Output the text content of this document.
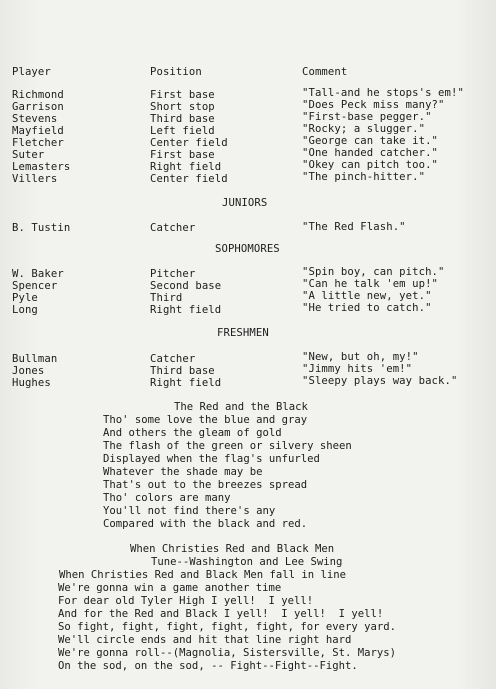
Player	Position	Comment
Richmond	First base	"Tall-and he stops's em!"
Garrison	Short stop	"Does Peck miss many?"
Stevens	Third base	"First-base pegger."
Mayfield	Left field	"Rocky; a slugger."
Fletcher	Center field	"George can take it."
Suter	First base	"One handed catcher."
Lemasters	Right field	"Okey can pitch too."
Villers	Center field	"The pinch-hitter."
JUNIORS
B. Tustin	Catcher	"The Red Flash."
SOPHOMORES
W. Baker	Pitcher	"Spin boy, can pitch."
Spencer	Second base	"Can he talk 'em up!"
Pyle	Third	"A little new, yet."
Long	Right field	"He tried to catch."
FRESHMEN
Bullman	Catcher	"New, but oh, my!"
Jones	Third base	"Jimmy hits 'em!"
Hughes	Right field	"Sleepy plays way back."
The Red and the Black
Tho' some love the blue and gray
And others the gleam of gold
The flash of the green or silvery sheen
Displayed when the flag's unfurled
Whatever the shade may be
That's out to the breezes spread
Tho' colors are many
You'll not find there's any
Compared with the black and red.
When Christies Red and Black Men
Tune--Washington and Lee Swing
When Christies Red and Black Men fall in line
We're gonna win a game another time
For dear old Tyler High I yell!  I yell!
And for the Red and Black I yell!  I yell!  I yell!
So fight, fight, fight, fight, fight, for every yard.
We'll circle ends and hit that line right hard
We're gonna roll--(Magnolia, Sistersville, St. Marys)
On the sod, on the sod, -- Fight--Fight--Fight.
